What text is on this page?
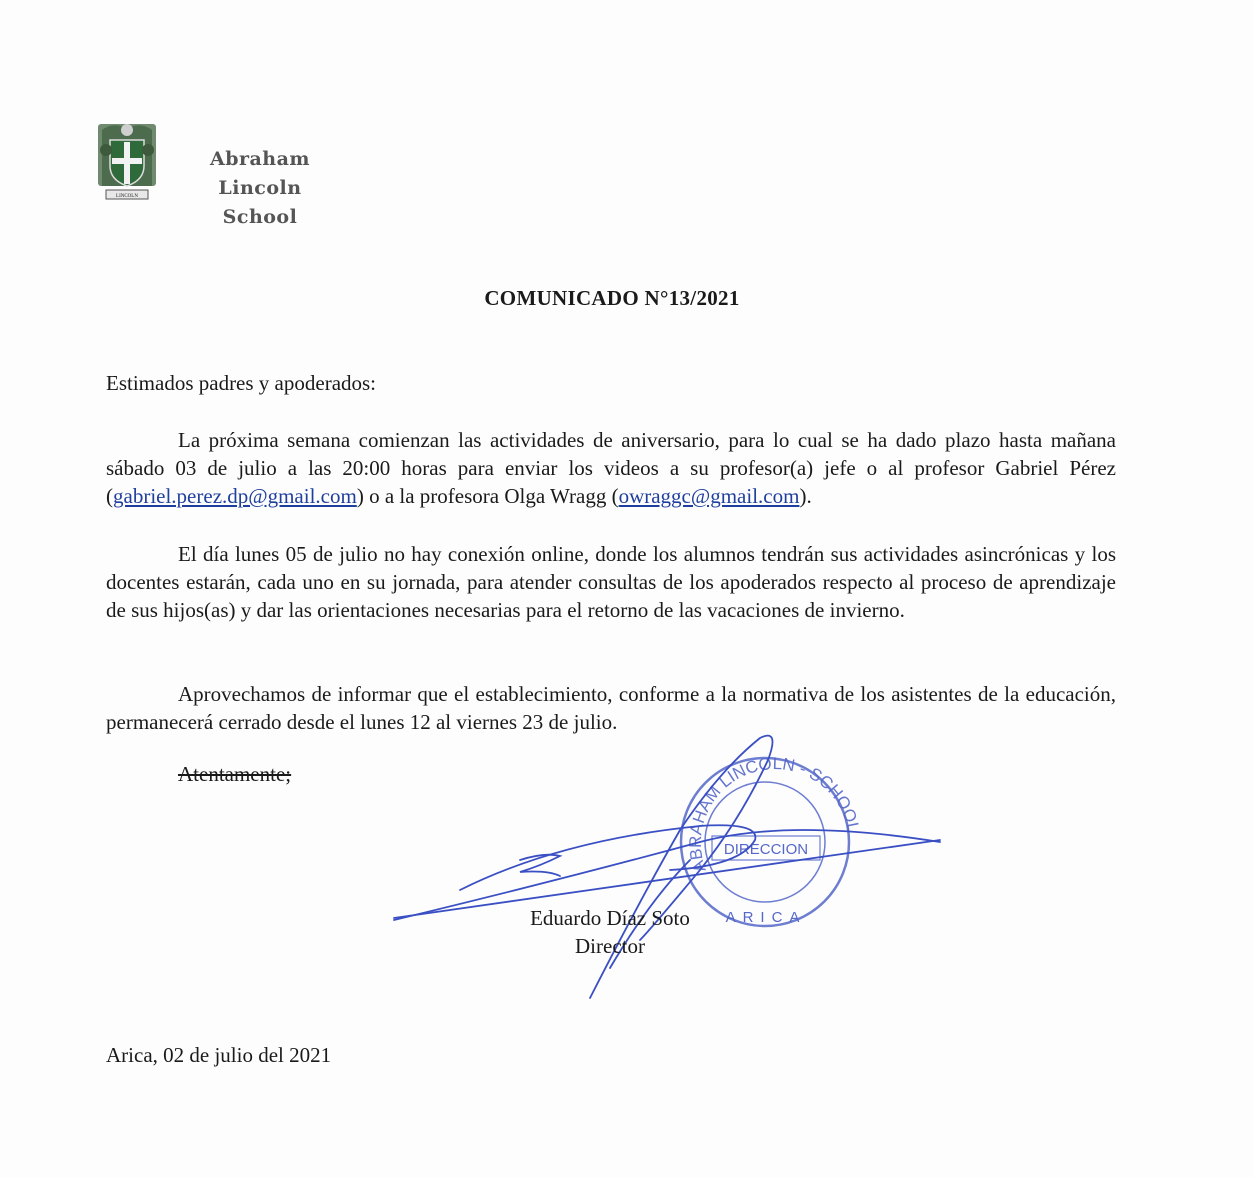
LINCOLN
Abraham Lincoln
School
COMUNICADO N°13/2021
Estimados padres y apoderados:

La próxima semana comienzan las actividades de aniversario, para lo cual se ha dado plazo hasta mañana sábado 03 de julio a las 20:00 horas para enviar los videos a su profesor(a) jefe o al profesor Gabriel Pérez (gabriel.perez.dp@gmail.com) o a la profesora Olga Wragg (owraggc@gmail.com).

El día lunes 05 de julio no hay conexión online, donde los alumnos tendrán sus actividades asincrónicas y los docentes estarán, cada uno en su jornada, para atender consultas de los apoderados respecto al proceso de aprendizaje de sus hijos(as) y dar las orientaciones necesarias para el retorno de las vacaciones de invierno.

Aprovechamos de informar que el establecimiento, conforme a la normativa de los asistentes de la educación, permanecerá cerrado desde el lunes 12 al viernes 23 de julio.

Atentamente;
ABRAHAM LINCOLN - SCHOOL
DIRECCION
ARICA
Eduardo Díaz Soto
Director
Arica, 02 de julio del 2021
